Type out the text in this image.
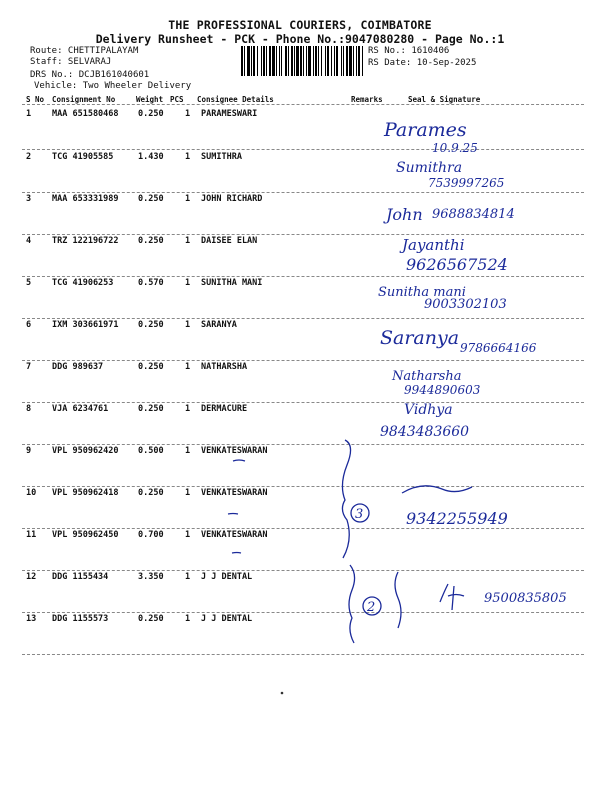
THE PROFESSIONAL COURIERS, COIMBATORE
Delivery Runsheet - PCK - Phone No.:9047080280 - Page No.:1
Route: CHETTIPALAYAM
Staff: SELVARAJ
DRS No.: DCJB161040601
Vehicle: Two Wheeler Delivery
RS No.: 1610406
RS Date: 10-Sep-2025
S No Consignment No	Weight PCS Consignee Details	Remarks	Seal & Signature
1 MAA 651580468 0.250	1 PARAMESWARI
2 TCG 41905585	1.430	1 SUMITHRA
3 MAA 653331989 0.250	1 JOHN RICHARD
4 TRZ 122196722 0.250	1 DAISEE ELAN
5 TCG 41906253	0.570	1 SUNITHA MANI
6 IXM 303661971 0.250	1 SARANYA
7 DDG 989637	0.250	1 NATHARSHA
8 VJA 6234761	0.250	1 DERMACURE
9 VPL 950962420 0.500	1 VENKATESWARAN
10 VPL 950962418 0.250	1 VENKATESWARAN
11 VPL 950962450 0.700	1 VENKATESWARAN
12 DDG 1155434	3.350	1 J J DENTAL
13 DDG 1155573	0.250	1 J J DENTAL
Parames
10.9.25
Sumithra
7539997265
John 9688834814
Jayanthi
9626567524
Sunitha mani
9003302103
Saranya 9786664166
Natharsha
9944890603
Vidhya
9843483660
3	9342255949
2
9500835805
